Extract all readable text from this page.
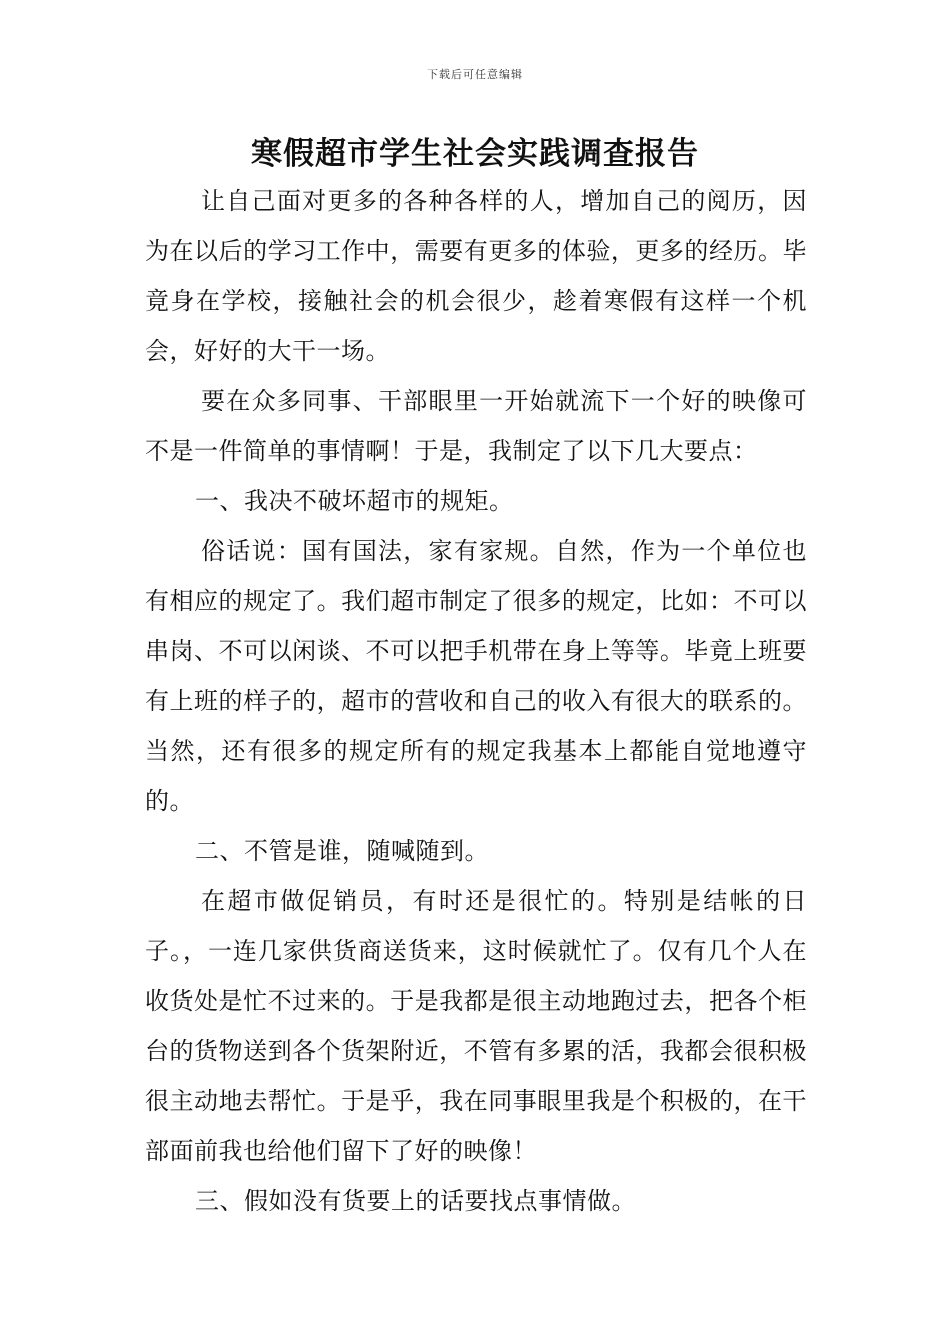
下载后可任意编辑
寒假超市学生社会实践调查报告

让自己面对更多的各种各样的人，增加自己的阅历，因为在以后的学习工作中，需要有更多的体验，更多的经历。毕竟身在学校，接触社会的机会很少，趁着寒假有这样一个机会，好好的大干一场。

要在众多同事、干部眼里一开始就流下一个好的映像可不是一件简单的事情啊！于是，我制定了以下几大要点：

一、我决不破坏超市的规矩。

俗话说：国有国法，家有家规。自然，作为一个单位也有相应的规定了。我们超市制定了很多的规定，比如：不可以串岗、不可以闲谈、不可以把手机带在身上等等。毕竟上班要有上班的样子的，超市的营收和自己的收入有很大的联系的。当然，还有很多的规定所有的规定我基本上都能自觉地遵守的。

二、不管是谁，随喊随到。

在超市做促销员，有时还是很忙的。特别是结帐的日子。，一连几家供货商送货来，这时候就忙了。仅有几个人在收货处是忙不过来的。于是我都是很主动地跑过去，把各个柜台的货物送到各个货架附近，不管有多累的活，我都会很积极很主动地去帮忙。于是乎，我在同事眼里我是个积极的，在干部面前我也给他们留下了好的映像！

三、假如没有货要上的话要找点事情做。
